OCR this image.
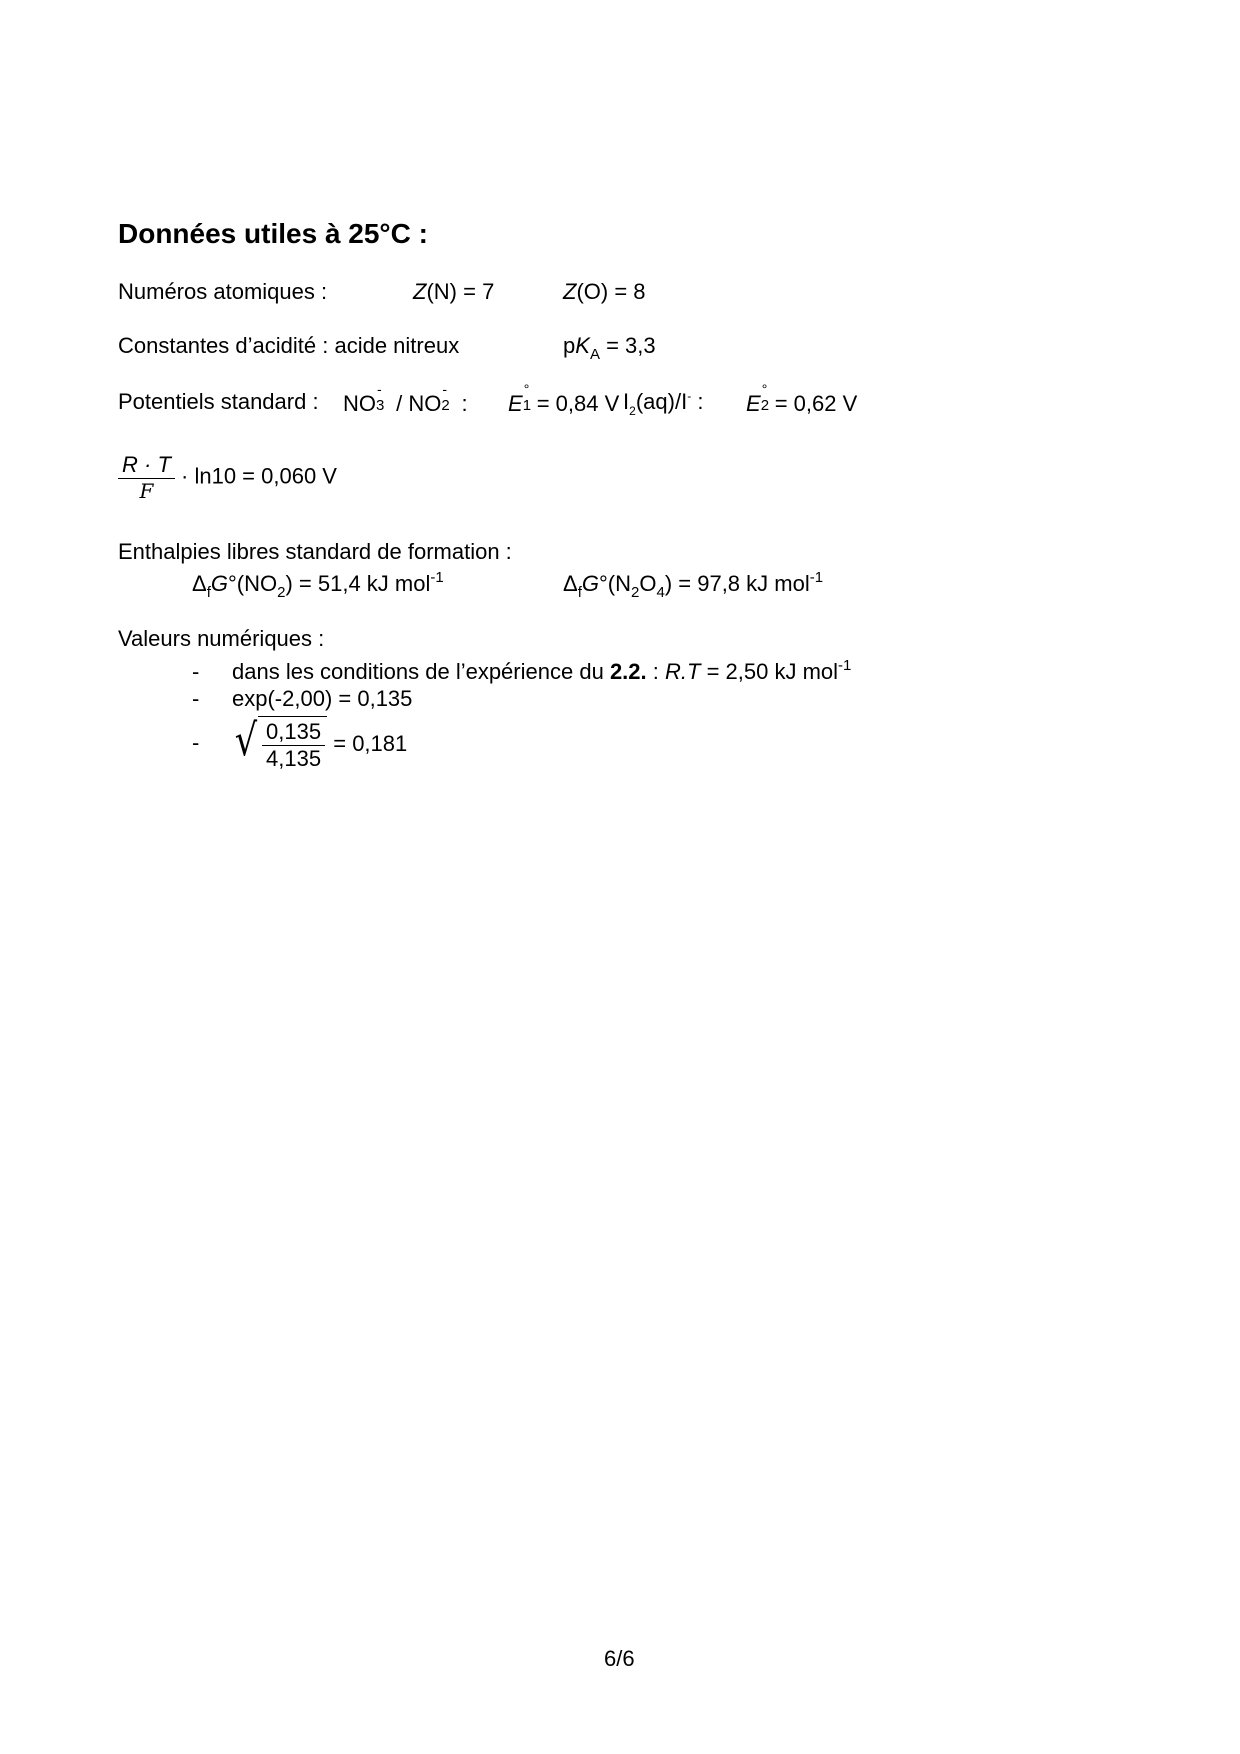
Données utiles à 25°C :
Numéros atomiques :	Z(N) = 7	Z(O) = 8
Constantes d’acidité : acide nitreux	$pK_A = 3,3$
Potentiels standard : NO
-
3 / NO
-
2 : E
°
1 = 0,84 V $I_2(aq)/I^-$ : E
°
2 = 0,62 V
$\frac{R \cdot T}{F} \cdot \ln 10 = 0,060$ V
Enthalpies libres standard de formation :
$\Delta_fG^\circ(NO_2) = 51,4$ kJ mol$^{-1}$	$\Delta_fG^\circ(N_2O_4) = 97,8$ kJ mol$^{-1}$
Valeurs numériques :
- dans les conditions de l’expérience du 2.2. : R.T = 2,50 kJ mol$^{-1}$
- exp(-2,00) = 0,135
- √ $\frac{0,135}{4,135} = 0,181$
6/6
